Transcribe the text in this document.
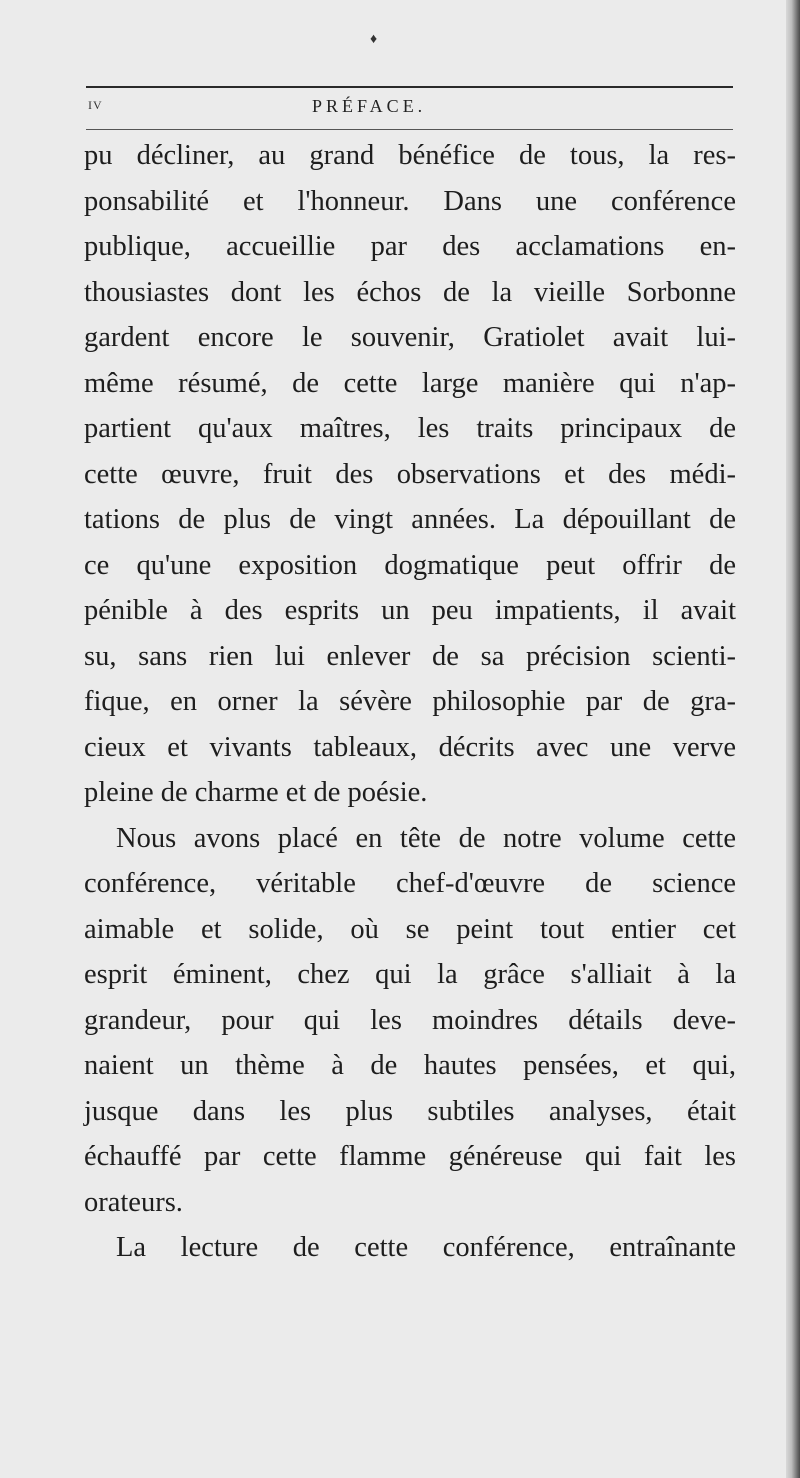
♦
IV	PRÉFACE.
pu décliner, au grand bénéfice de tous, la res-
ponsabilité et l'honneur. Dans une conférence
publique, accueillie par des acclamations en-
thousiastes dont les échos de la vieille Sorbonne
gardent encore le souvenir, Gratiolet avait lui-
même résumé, de cette large manière qui n'ap-
partient qu'aux maîtres, les traits principaux de
cette œuvre, fruit des observations et des médi-
tations de plus de vingt années. La dépouillant de
ce qu'une exposition dogmatique peut offrir de
pénible à des esprits un peu impatients, il avait
su, sans rien lui enlever de sa précision scienti-
fique, en orner la sévère philosophie par de gra-
cieux et vivants tableaux, décrits avec une verve
pleine de charme et de poésie.
Nous avons placé en tête de notre volume cette
conférence, véritable chef-d'œuvre de science
aimable et solide, où se peint tout entier cet
esprit éminent, chez qui la grâce s'alliait à la
grandeur, pour qui les moindres détails deve-
naient un thème à de hautes pensées, et qui,
jusque dans les plus subtiles analyses, était
échauffé par cette flamme généreuse qui fait les
orateurs.
La lecture de cette conférence, entraînante
